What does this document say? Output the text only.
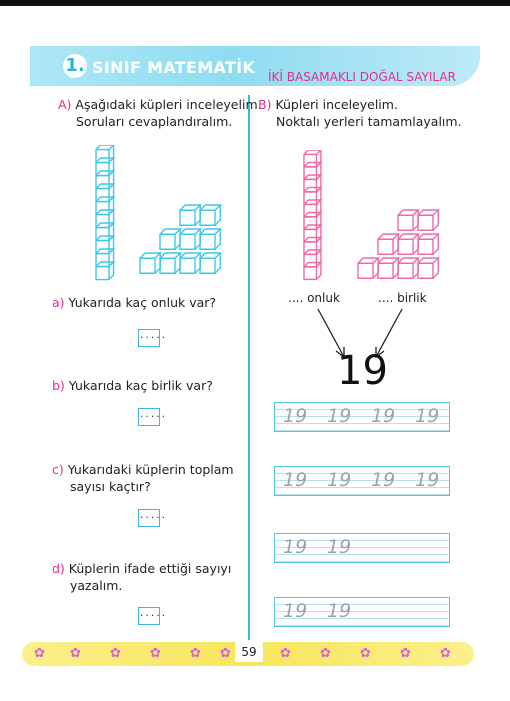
1. SINIF MATEMATİK İKİ BASAMAKLI DOĞAL SAYILAR
A) Aşağıdaki küpleri inceleyelim.
Soruları cevaplandıralım.
a) Yukarıda kaç onluk var?
.....
b) Yukarıda kaç birlik var?
.....
c) Yukarıdaki küplerin toplam
sayısı kaçtır?
.....
d) Küplerin ifade ettiği sayıyı
yazalım.
.....
B) Küpleri inceleyelim.
Noktalı yerleri tamamlayalım.
.... onluk	.... birlik
19
19 19 19 19
19 19 19 19
19 19
19 19
✿ ✿ ✿ ✿ ✿ ✿	✿ ✿ ✿ ✿ ✿
59
